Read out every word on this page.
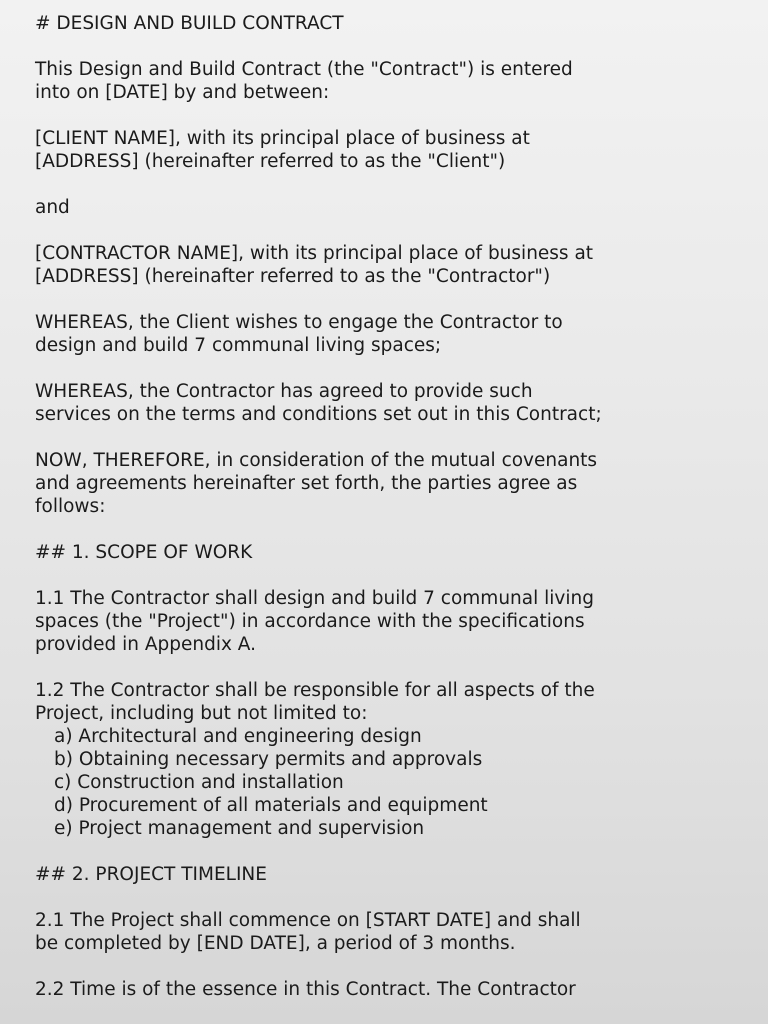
# DESIGN AND BUILD CONTRACT

This Design and Build Contract (the "Contract") is entered
into on [DATE] by and between:

[CLIENT NAME], with its principal place of business at
[ADDRESS] (hereinafter referred to as the "Client")

and

[CONTRACTOR NAME], with its principal place of business at
[ADDRESS] (hereinafter referred to as the "Contractor")

WHEREAS, the Client wishes to engage the Contractor to
design and build 7 communal living spaces;

WHEREAS, the Contractor has agreed to provide such
services on the terms and conditions set out in this Contract;

NOW, THEREFORE, in consideration of the mutual covenants
and agreements hereinafter set forth, the parties agree as
follows:

## 1. SCOPE OF WORK

1.1 The Contractor shall design and build 7 communal living
spaces (the "Project") in accordance with the specifications
provided in Appendix A.

1.2 The Contractor shall be responsible for all aspects of the
Project, including but not limited to:

a) Architectural and engineering design
b) Obtaining necessary permits and approvals
c) Construction and installation
d) Procurement of all materials and equipment
e) Project management and supervision

## 2. PROJECT TIMELINE

2.1 The Project shall commence on [START DATE] and shall
be completed by [END DATE], a period of 3 months.

2.2 Time is of the essence in this Contract. The Contractor
